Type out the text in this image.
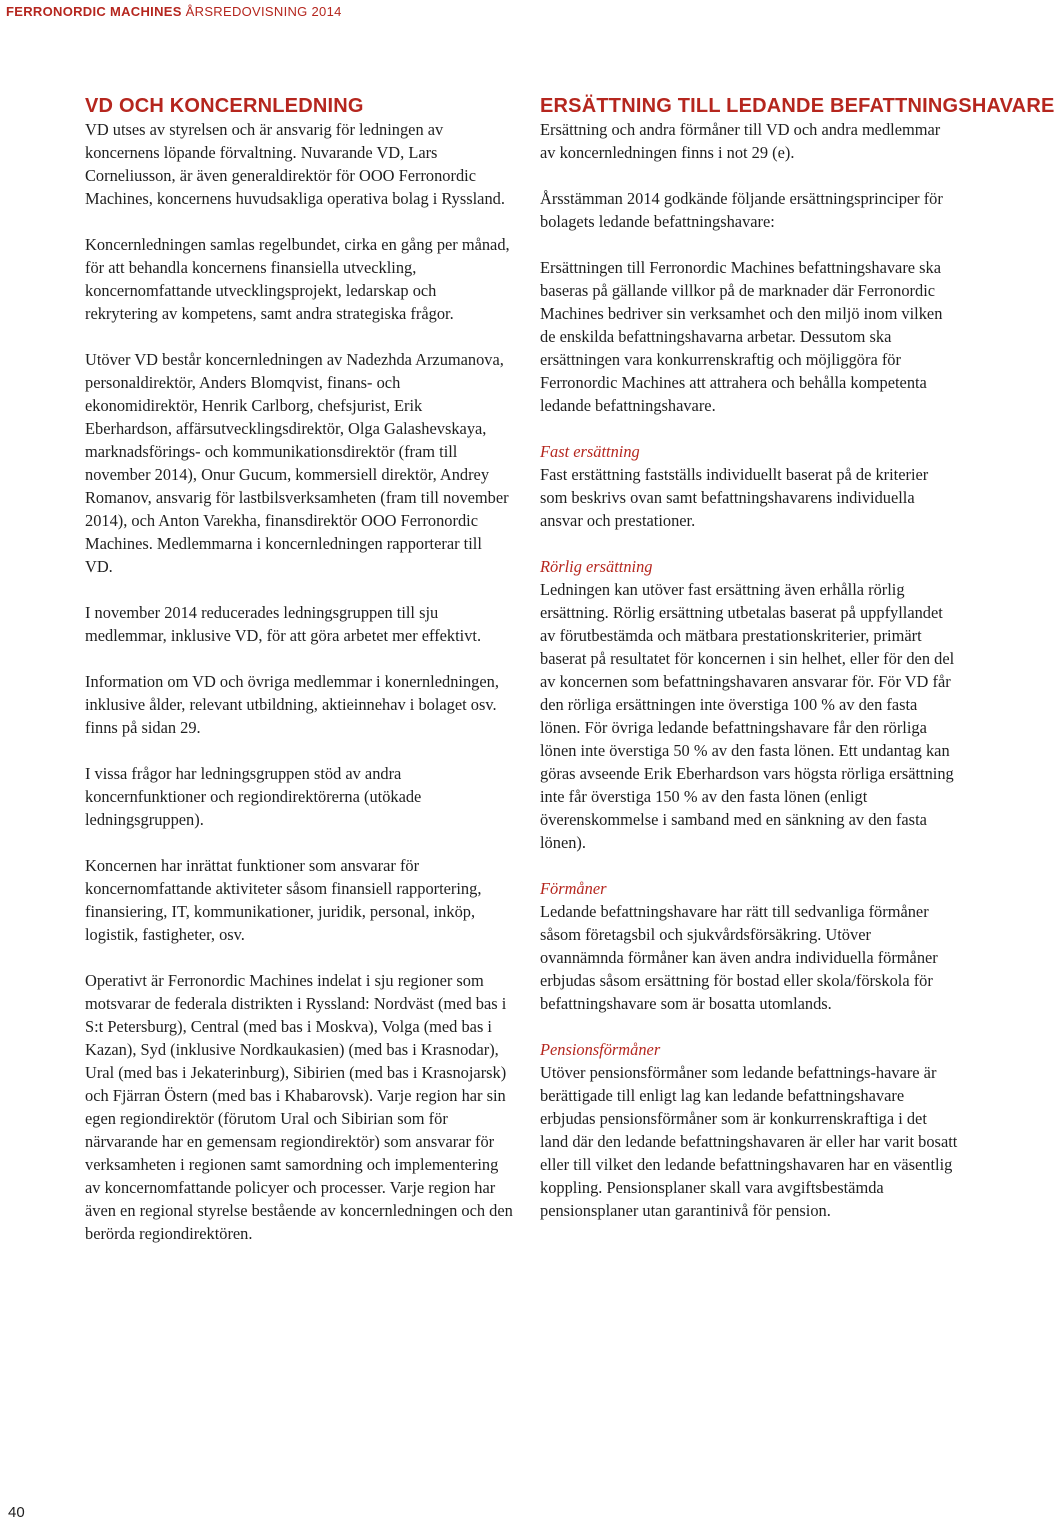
FERRONORDIC MACHINES ÅRSREDOVISNING 2014
VD OCH KONCERNLEDNING

VD utses av styrelsen och är ansvarig för ledningen av koncernens löpande förvaltning. Nuvarande VD, Lars Corneliusson, är även generaldirektör för OOO Ferronordic Machines, koncernens huvudsakliga operativa bolag i Ryssland.

Koncernledningen samlas regelbundet, cirka en gång per månad, för att behandla koncernens finansiella utveckling, koncernomfattande utvecklingsprojekt, ledarskap och rekrytering av kompetens, samt andra strategiska frågor.

Utöver VD består koncernledningen av Nadezhda Arzumanova, personaldirektör, Anders Blomqvist, finans- och ekonomidirektör, Henrik Carlborg, chefsjurist, Erik Eberhardson, affärsutvecklingsdirektör, Olga Galashevskaya, marknadsförings- och kommunikationsdirektör (fram till november 2014), Onur Gucum, kommersiell direktör, Andrey Romanov, ansvarig för lastbilsverksamheten (fram till november 2014), och Anton Varekha, finansdirektör OOO Ferronordic Machines. Medlemmarna i koncernledningen rapporterar till VD.

I november 2014 reducerades ledningsgruppen till sju medlemmar, inklusive VD, för att göra arbetet mer effektivt.

Information om VD och övriga medlemmar i konernledningen, inklusive ålder, relevant utbildning, aktieinnehav i bolaget osv. finns på sidan 29.

I vissa frågor har ledningsgruppen stöd av andra koncernfunktioner och regiondirektörerna (utökade ledningsgruppen).

Koncernen har inrättat funktioner som ansvarar för koncernomfattande aktiviteter såsom finansiell rapportering, finansiering, IT, kommunikationer, juridik, personal, inköp, logistik, fastigheter, osv.

Operativt är Ferronordic Machines indelat i sju regioner som motsvarar de federala distrikten i Ryssland: Nordväst (med bas i S:t Petersburg), Central (med bas i Moskva), Volga (med bas i Kazan), Syd (inklusive Nordkaukasien) (med bas i Krasnodar), Ural (med bas i Jekaterinburg), Sibirien (med bas i Krasnojarsk) och Fjärran Östern (med bas i Khabarovsk). Varje region har sin egen regiondirektör (förutom Ural och Sibirian som för närvarande har en gemensam regiondirektör) som ansvarar för verksamheten i regionen samt samordning och implementering av koncernomfattande policyer och processer. Varje region har även en regional styrelse bestående av koncernledningen och den berörda regiondirektören.

ERSÄTTNING TILL LEDANDE BEFATTNINGSHAVARE

Ersättning och andra förmåner till VD och andra medlemmar av koncernledningen finns i not 29 (e).

Årsstämman 2014 godkände följande ersättningsprinciper för bolagets ledande befattningshavare:

Ersättningen till Ferronordic Machines befattningshavare ska baseras på gällande villkor på de marknader där Ferronordic Machines bedriver sin verksamhet och den miljö inom vilken de enskilda befattningshavarna arbetar. Dessutom ska ersättningen vara konkurrenskraftig och möjliggöra för Ferronordic Machines att attrahera och behålla kompetenta ledande befattningshavare.

Fast ersättning

Fast erstättning fastställs individuellt baserat på de kriterier som beskrivs ovan samt befattningshavarens individuella ansvar och prestationer.

Rörlig ersättning

Ledningen kan utöver fast ersättning även erhålla rörlig ersättning. Rörlig ersättning utbetalas baserat på uppfyllandet av förutbestämda och mätbara prestationskriterier, primärt baserat på resultatet för koncernen i sin helhet, eller för den del av koncernen som befattningshavaren ansvarar för. För VD får den rörliga ersättningen inte överstiga 100 % av den fasta lönen. För övriga ledande befattningshavare får den rörliga lönen inte överstiga 50 % av den fasta lönen. Ett undantag kan göras avseende Erik Eberhardson vars högsta rörliga ersättning inte får överstiga 150 % av den fasta lönen (enligt överenskommelse i samband med en sänkning av den fasta lönen).

Förmåner

Ledande befattningshavare har rätt till sedvanliga förmåner såsom företagsbil och sjukvårdsförsäkring. Utöver ovannämnda förmåner kan även andra individuella förmåner erbjudas såsom ersättning för bostad eller skola/förskola för befattningshavare som är bosatta utomlands.

Pensionsförmåner

Utöver pensionsförmåner som ledande befattnings-havare är berättigade till enligt lag kan ledande befattningshavare erbjudas pensionsförmåner som är konkurrenskraftiga i det land där den ledande befattningshavaren är eller har varit bosatt eller till vilket den ledande befattningshavaren har en väsentlig koppling. Pensionsplaner skall vara avgiftsbestämda pensionsplaner utan garantinivå för pension.

40
